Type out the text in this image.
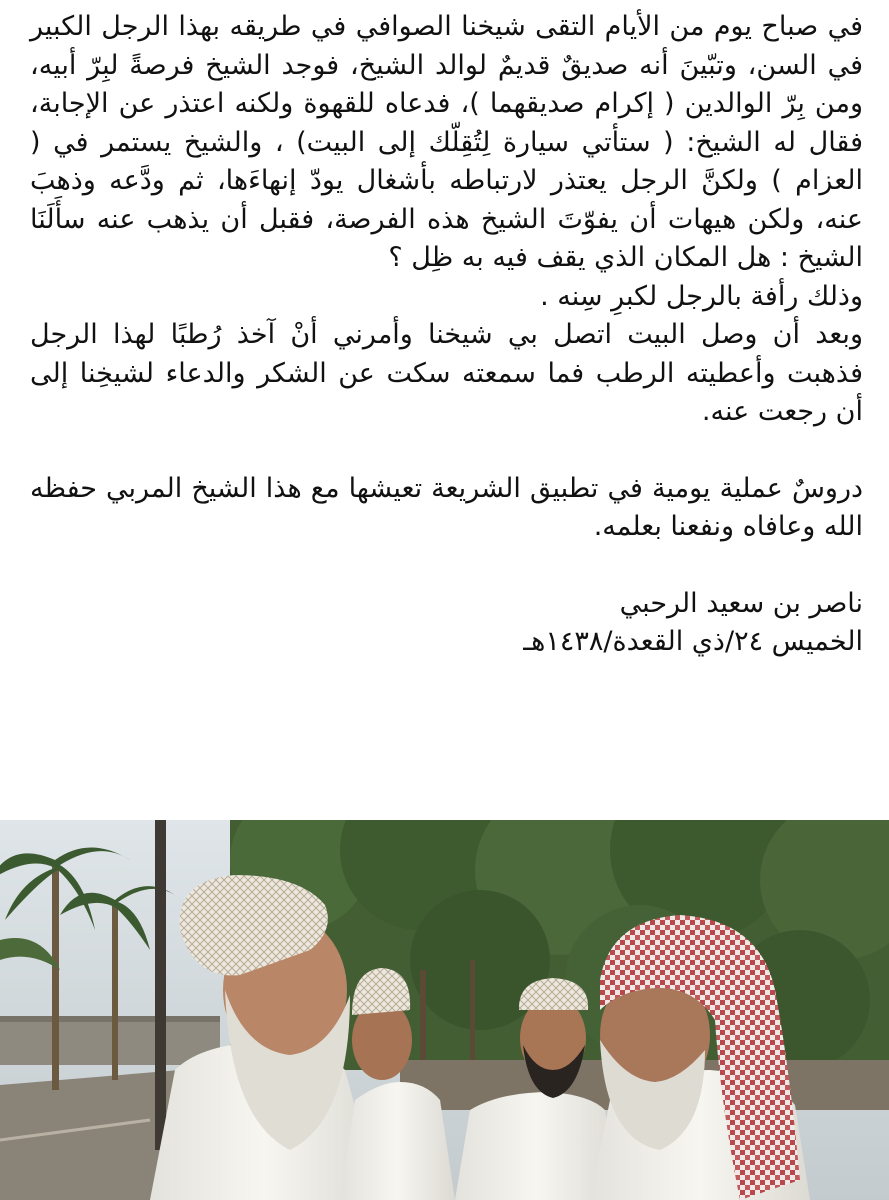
في صباح يوم من الأيام التقى شيخنا الصوافي في طريقه بهذا الرجل الكبير في السن، وتبّينَ أنه صديقٌ قديمٌ لوالد الشيخ، فوجد الشيخ فرصةً لبِرّ أبيه، ومن بِرّ الوالدين ( إكرام صديقهما )، فدعاه للقهوة ولكنه اعتذر عن الإجابة، فقال له الشيخ: ( ستأتي سيارة لِتُقِلّك إلى البيت) ، والشيخ يستمر في ( العزام ) ولكنَّ الرجل يعتذر لارتباطه بأشغال يودّ إنهاءَها، ثم ودَّعه وذهبَ عنه، ولكن هيهات أن يفوّتَ الشيخ هذه الفرصة، فقبل أن يذهب عنه سأَلَنَا الشيخ : هل المكان الذي يقف فيه به ظِل ؟

وذلك رأفة بالرجل لكبرِ سِنه .

وبعد أن وصل البيت اتصل بي شيخنا وأمرني أنْ آخذ رُطبًا لهذا الرجل فذهبت وأعطيته الرطب فما سمعته سكت عن الشكر والدعاء لشيخِنا إلى أن رجعت عنه.

دروسٌ عملية يومية في تطبيق الشريعة تعيشها مع هذا الشيخ المربي حفظه الله وعافاه ونفعنا بعلمه.

ناصر بن سعيد الرحبي

الخميس ٢٤/ذي القعدة/١٤٣٨هـ
